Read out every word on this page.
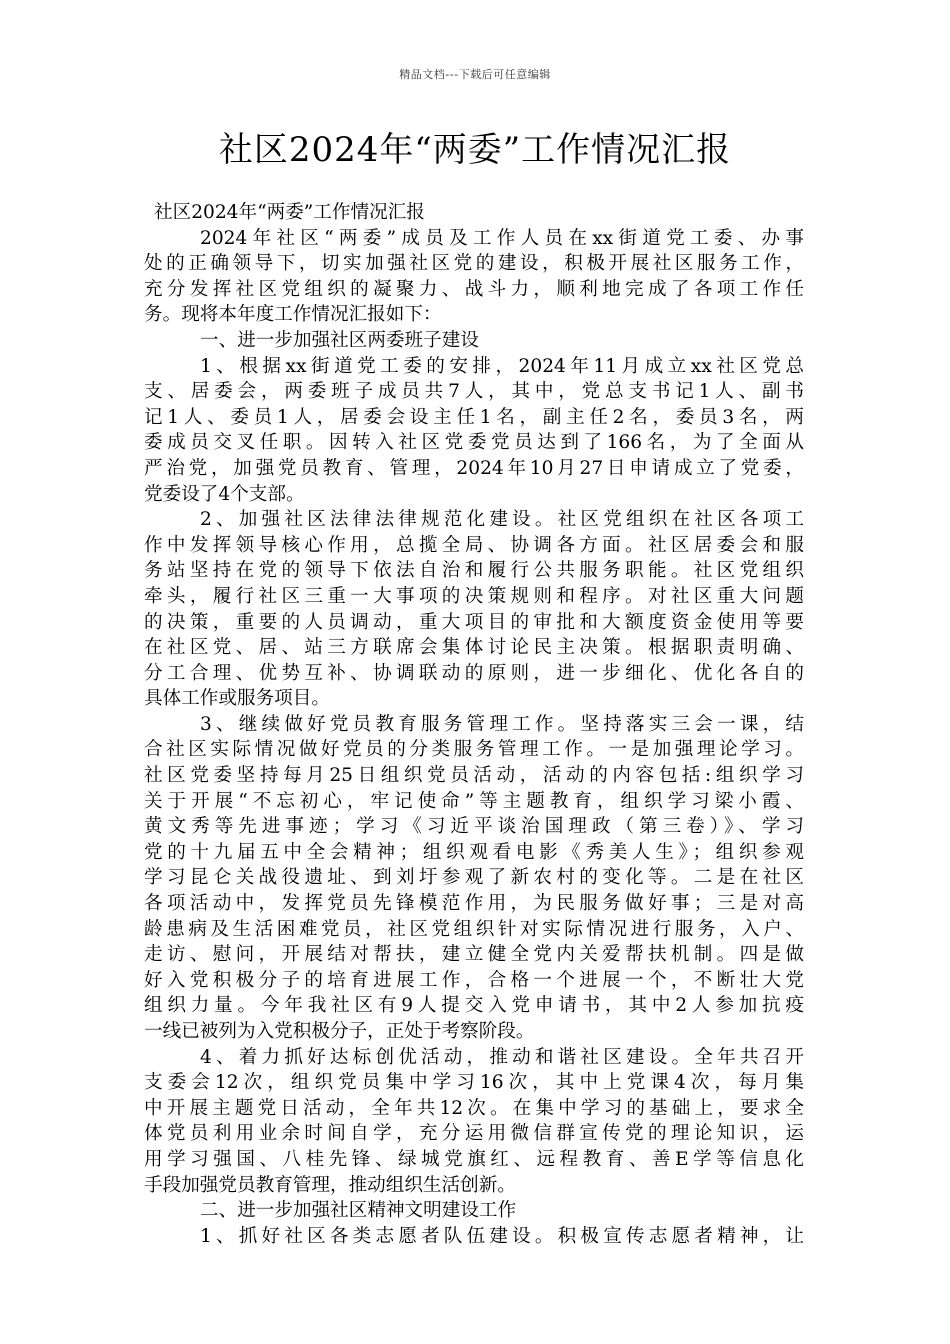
精品文档---下载后可任意编辑
社区2024年“两委”工作情况汇报
社区2024年“两委”工作情况汇报
2024年社区“两委”成员及工作人员在xx街道党工委、办事
处的正确领导下，切实加强社区党的建设，积极开展社区服务工作，
充分发挥社区党组织的凝聚力、战斗力，顺利地完成了各项工作任
务。现将本年度工作情况汇报如下：
一、进一步加强社区两委班子建设
1、根据xx街道党工委的安排，2024年11月成立xx社区党总
支、居委会，两委班子成员共7人，其中，党总支书记1人、副书
记1人、委员1人，居委会设主任1名，副主任2名，委员3名，两
委成员交叉任职。因转入社区党委党员达到了166名，为了全面从
严治党，加强党员教育、管理，2024年10月27日申请成立了党委，
党委设了4个支部。
2、加强社区法律法律规范化建设。社区党组织在社区各项工
作中发挥领导核心作用，总揽全局、协调各方面。社区居委会和服
务站坚持在党的领导下依法自治和履行公共服务职能。社区党组织
牵头，履行社区三重一大事项的决策规则和程序。对社区重大问题
的决策，重要的人员调动，重大项目的审批和大额度资金使用等要
在社区党、居、站三方联席会集体讨论民主决策。根据职责明确、
分工合理、优势互补、协调联动的原则，进一步细化、优化各自的
具体工作或服务项目。
3、继续做好党员教育服务管理工作。坚持落实三会一课，结
合社区实际情况做好党员的分类服务管理工作。一是加强理论学习。
社区党委坚持每月25日组织党员活动，活动的内容包括:组织学习
关于开展“不忘初心，牢记使命”等主题教育，组织学习梁小霞、
黄文秀等先进事迹；学习《习近平谈治国理政（第三卷）》、学习
党的十九届五中全会精神；组织观看电影《秀美人生》；组织参观
学习昆仑关战役遗址、到刘圩参观了新农村的变化等。二是在社区
各项活动中，发挥党员先锋模范作用，为民服务做好事；三是对高
龄患病及生活困难党员，社区党组织针对实际情况进行服务，入户、
走访、慰问，开展结对帮扶，建立健全党内关爱帮扶机制。四是做
好入党积极分子的培育进展工作，合格一个进展一个，不断壮大党
组织力量。今年我社区有9人提交入党申请书，其中2人参加抗疫
一线已被列为入党积极分子，正处于考察阶段。
4、着力抓好达标创优活动，推动和谐社区建设。全年共召开
支委会12次，组织党员集中学习16次，其中上党课4次，每月集
中开展主题党日活动，全年共12次。在集中学习的基础上，要求全
体党员利用业余时间自学，充分运用微信群宣传党的理论知识，运
用学习强国、八桂先锋、绿城党旗红、远程教育、善E学等信息化
手段加强党员教育管理，推动组织生活创新。
二、进一步加强社区精神文明建设工作
1、抓好社区各类志愿者队伍建设。积极宣传志愿者精神，让
